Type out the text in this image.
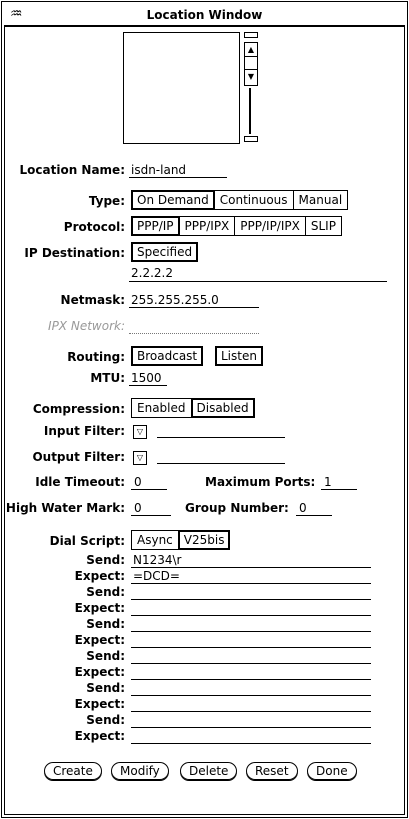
♒	Location Window
▲
▼
Location Name: isdn-land
Type:	On Demand Continuous Manual
Protocol:	PPP/IP PPP/IPX PPP/IP/IPX SLIP
IP Destination:	Specified
2.2.2.2
Netmask: 255.255.255.0
IPX Network:
Routing:	Broadcast	Listen
MTU: 1500
Compression:	Enabled Disabled
Input Filter:	▽
Output Filter:	▽
Idle Timeout: 0	Maximum Ports: 1
High Water Mark: 0	Group Number: 0
Dial Script:	Async V25bis
Send: N1234\r
Expect: =DCD=
Send:
Expect:
Send:
Expect:
Send:
Expect:
Send:
Expect:
Send:
Expect:
Create	Modify	Delete	Reset	Done
